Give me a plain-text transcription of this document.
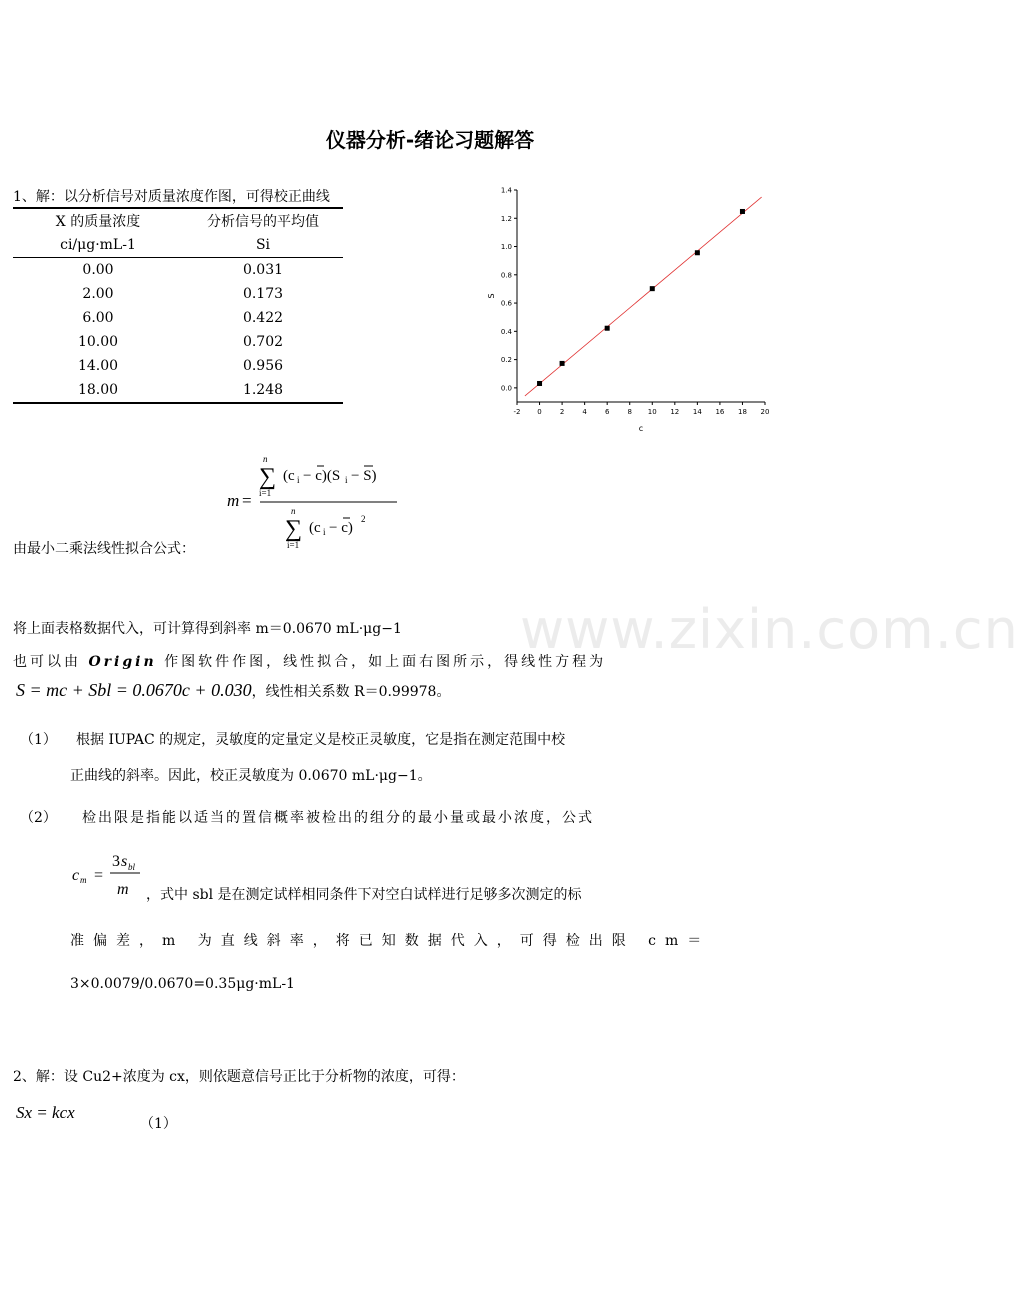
仪器分析-绪论习题解答
1、解：以分析信号对质量浓度作图，可得校正曲线
X 的质量浓度	分析信号的平均值
ci/μg·mL-1	Si
0.00	0.031
2.00	0.173
6.00	0.422
10.00	0.702
14.00	0.956
18.00	1.248
-2 0	2	4	6	8 10 12 14 16 18 20
0.0
0.2
0.4
0.6
0.8
1.0
1.2
1.4
c
S
m =
n
∑
i=1
(c i − c)(S i − S)
n
∑
i=1
(c i − c)
2
由最小二乘法线性拟合公式：
www.zixin.com.cn
将上面表格数据代入，可计算得到斜率 m＝0.0670 mL·μg−1
也可以由 Origin 作图软件作图，线性拟合，如上面右图所示，得线性方程为
S = mc + Sbl = 0.0670c + 0.030，线性相关系数 R＝0.99978。
（1） 根据 IUPAC 的规定，灵敏度的定量定义是校正灵敏度，它是指在测定范围中校
正曲线的斜率。因此，校正灵敏度为 0.0670 mL·μg−1。
（2） 检出限是指能以适当的置信概率被检出的组分的最小量或最小浓度，公式
c m =
3 s bl
m ，式中 sbl 是在测定试样相同条件下对空白试样进行足够多次测定的标
准偏差，m 为直线斜率，将已知数据代入，可得检出限 cm＝
3×0.0079/0.0670=0.35μg·mL-1
2、解：设 Cu2+浓度为 cx，则依题意信号正比于分析物的浓度，可得：
Sx = kcx
（1）
